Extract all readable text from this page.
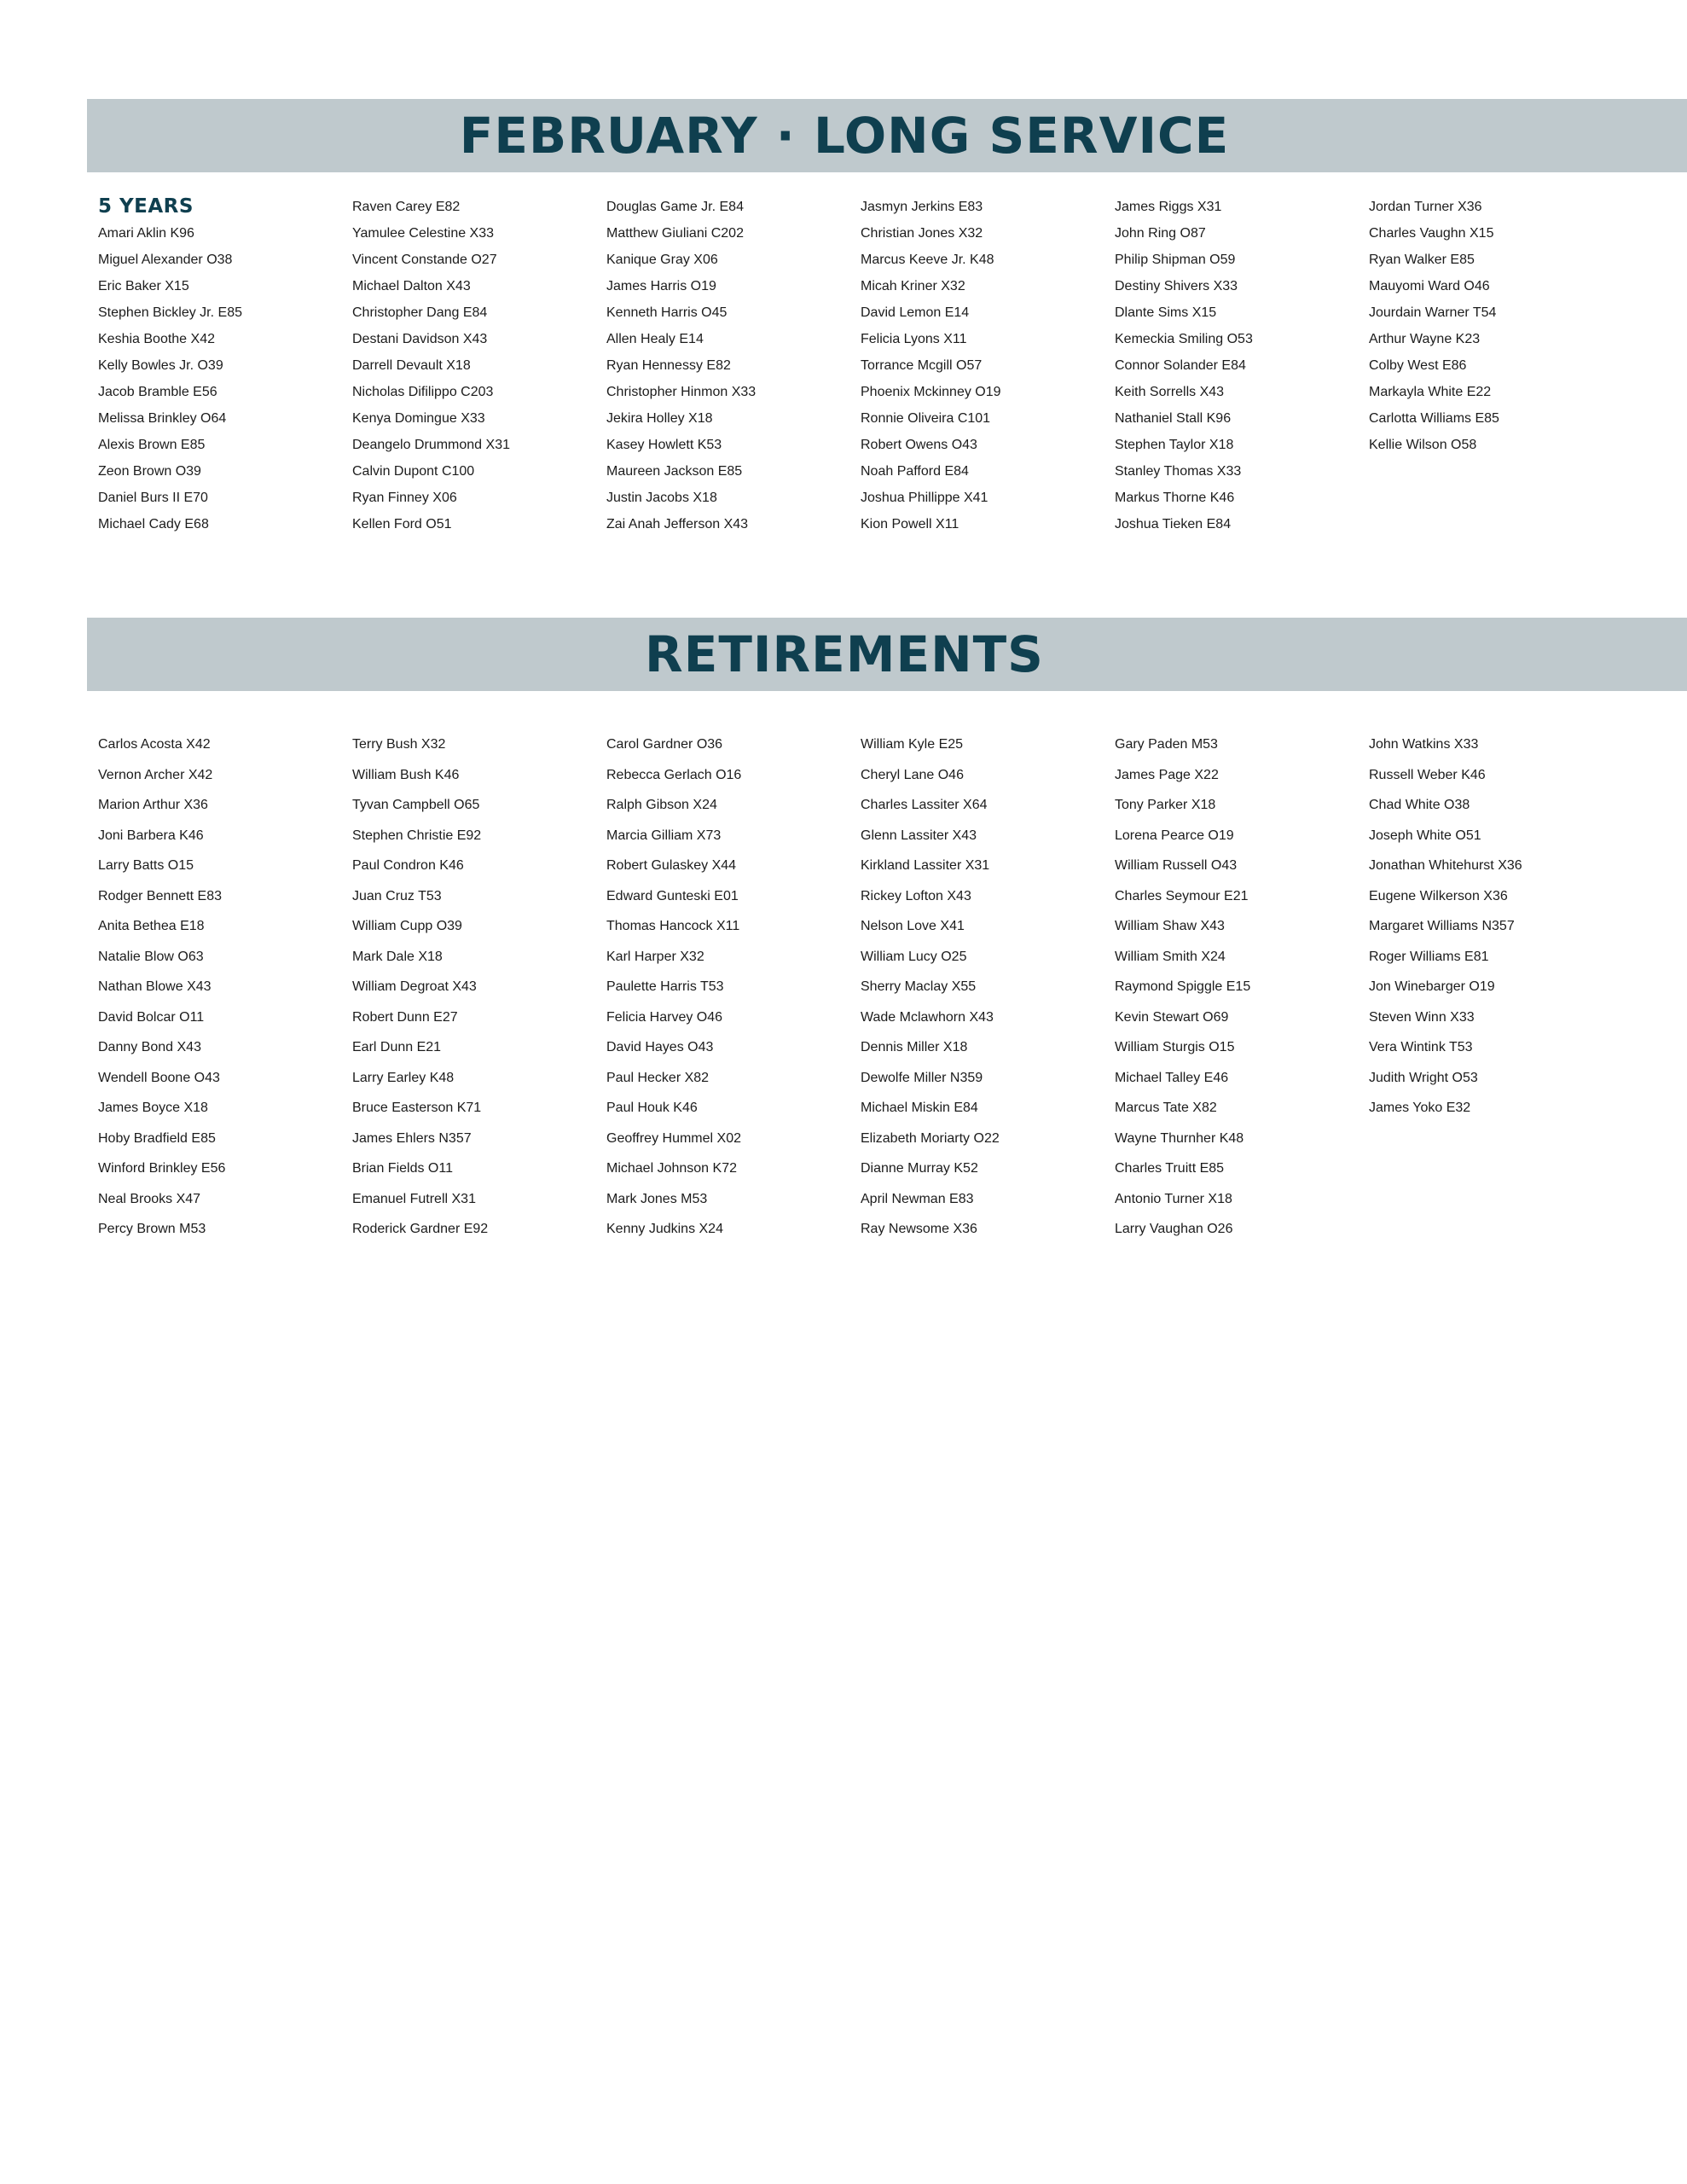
FEBRUARY · LONG SERVICE
5 YEARS
Amari Aklin K96
Miguel Alexander O38
Eric Baker X15
Stephen Bickley Jr. E85
Keshia Boothe X42
Kelly Bowles Jr. O39
Jacob Bramble E56
Melissa Brinkley O64
Alexis Brown E85
Zeon Brown O39
Daniel Burs II E70
Michael Cady E68
Raven Carey E82
Yamulee Celestine X33
Vincent Constande O27
Michael Dalton X43
Christopher Dang E84
Destani Davidson X43
Darrell Devault X18
Nicholas Difilippo C203
Kenya Domingue X33
Deangelo Drummond X31
Calvin Dupont C100
Ryan Finney X06
Kellen Ford O51
Douglas Game Jr. E84
Matthew Giuliani C202
Kanique Gray X06
James Harris O19
Kenneth Harris O45
Allen Healy E14
Ryan Hennessy E82
Christopher Hinmon X33
Jekira Holley X18
Kasey Howlett K53
Maureen Jackson E85
Justin Jacobs X18
Zai Anah Jefferson X43
Jasmyn Jerkins E83
Christian Jones X32
Marcus Keeve Jr. K48
Micah Kriner X32
David Lemon E14
Felicia Lyons X11
Torrance Mcgill O57
Phoenix Mckinney O19
Ronnie Oliveira C101
Robert Owens O43
Noah Pafford E84
Joshua Phillippe X41
Kion Powell X11
James Riggs X31
John Ring O87
Philip Shipman O59
Destiny Shivers X33
Dlante Sims X15
Kemeckia Smiling O53
Connor Solander E84
Keith Sorrells X43
Nathaniel Stall K96
Stephen Taylor X18
Stanley Thomas X33
Markus Thorne K46
Joshua Tieken E84
Jordan Turner X36
Charles Vaughn X15
Ryan Walker E85
Mauyomi Ward O46
Jourdain Warner T54
Arthur Wayne K23
Colby West E86
Markayla White E22
Carlotta Williams E85
Kellie Wilson O58
RETIREMENTS
Carlos Acosta X42
Vernon Archer X42
Marion Arthur X36
Joni Barbera K46
Larry Batts O15
Rodger Bennett E83
Anita Bethea E18
Natalie Blow O63
Nathan Blowe X43
David Bolcar O11
Danny Bond X43
Wendell Boone O43
James Boyce X18
Hoby Bradfield E85
Winford Brinkley E56
Neal Brooks X47
Percy Brown M53
Terry Bush X32
William Bush K46
Tyvan Campbell O65
Stephen Christie E92
Paul Condron K46
Juan Cruz T53
William Cupp O39
Mark Dale X18
William Degroat X43
Robert Dunn E27
Earl Dunn E21
Larry Earley K48
Bruce Easterson K71
James Ehlers N357
Brian Fields O11
Emanuel Futrell X31
Roderick Gardner E92
Carol Gardner O36
Rebecca Gerlach O16
Ralph Gibson X24
Marcia Gilliam X73
Robert Gulaskey X44
Edward Gunteski E01
Thomas Hancock X11
Karl Harper X32
Paulette Harris T53
Felicia Harvey O46
David Hayes O43
Paul Hecker X82
Paul Houk K46
Geoffrey Hummel X02
Michael Johnson K72
Mark Jones M53
Kenny Judkins X24
William Kyle E25
Cheryl Lane O46
Charles Lassiter X64
Glenn Lassiter X43
Kirkland Lassiter X31
Rickey Lofton X43
Nelson Love X41
William Lucy O25
Sherry Maclay X55
Wade Mclawhorn X43
Dennis Miller X18
Dewolfe Miller N359
Michael Miskin E84
Elizabeth Moriarty O22
Dianne Murray K52
April Newman E83
Ray Newsome X36
Gary Paden M53
James Page X22
Tony Parker X18
Lorena Pearce O19
William Russell O43
Charles Seymour E21
William Shaw X43
William Smith X24
Raymond Spiggle E15
Kevin Stewart O69
William Sturgis O15
Michael Talley E46
Marcus Tate X82
Wayne Thurnher K48
Charles Truitt E85
Antonio Turner X18
Larry Vaughan O26
John Watkins X33
Russell Weber K46
Chad White O38
Joseph White O51
Jonathan Whitehurst X36
Eugene Wilkerson X36
Margaret Williams N357
Roger Williams E81
Jon Winebarger O19
Steven Winn X33
Vera Wintink T53
Judith Wright O53
James Yoko E32
